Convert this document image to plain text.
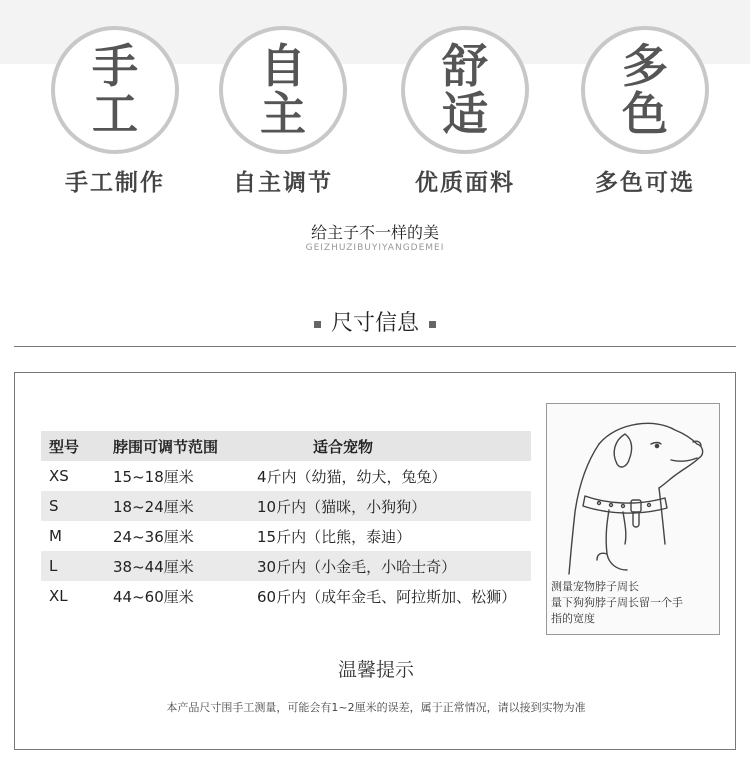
手
工
手工制作
自
主
自主调节
舒
适
优质面料
多
色
多色可选
给主子不一样的美
GEIZHUZIBUYIYANGDEMEI
尺寸信息
型号	脖围可调节范围	适合宠物
XS	15~18厘米	4斤内（幼猫，幼犬，兔兔）
S	18~24厘米	10斤内（猫咪，小狗狗）
M	24~36厘米	15斤内（比熊，泰迪）
L	38~44厘米	30斤内（小金毛，小哈士奇）
XL	44~60厘米	60斤内（成年金毛、阿拉斯加、松狮）
测量宠物脖子周长
量下狗狗脖子周长留一个手
指的宽度
温馨提示
本产品尺寸围手工测量，可能会有1~2厘米的误差，属于正常情况，请以接到实物为准
